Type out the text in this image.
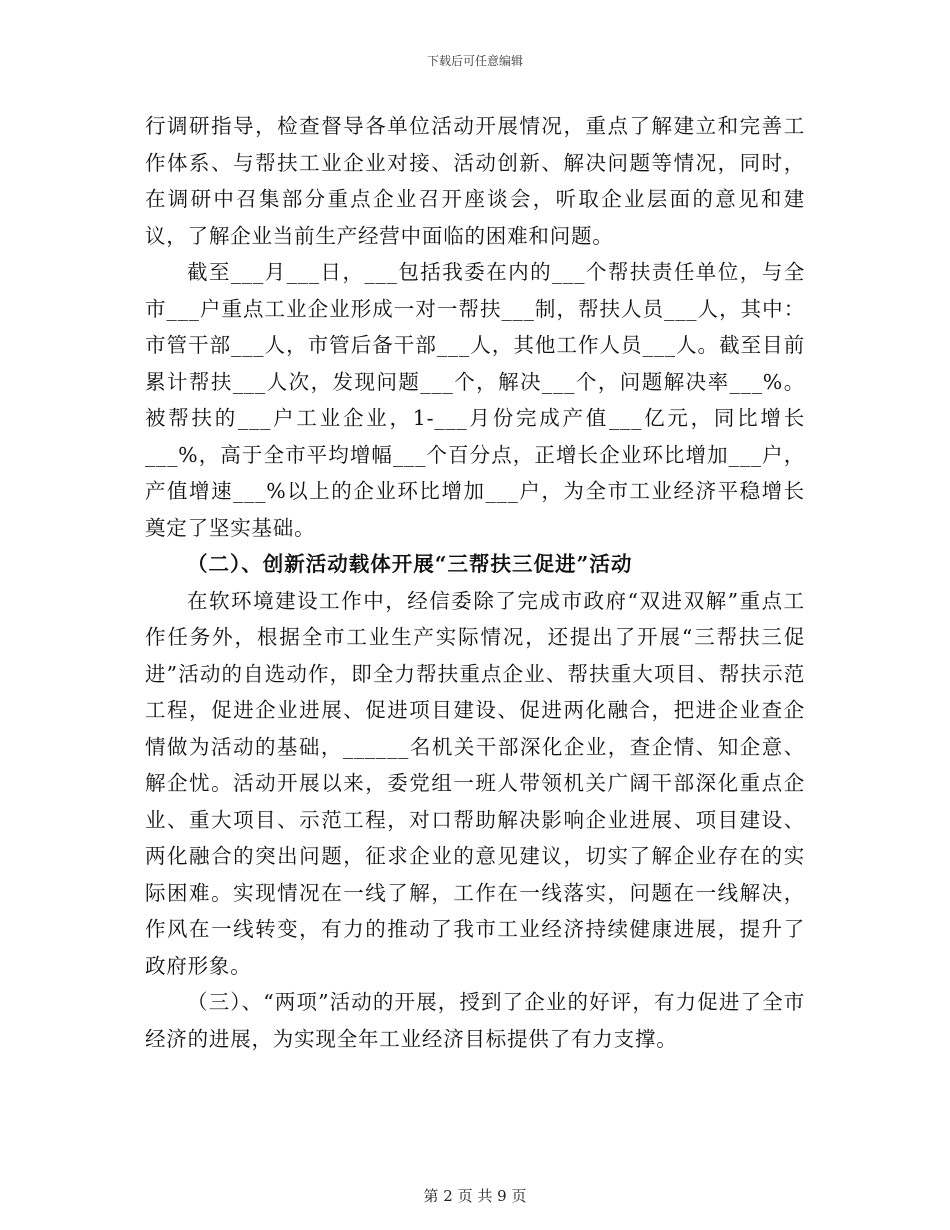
下载后可任意编辑

行调研指导，检查督导各单位活动开展情况，重点了解建立和完善工作体系、与帮扶工业企业对接、活动创新、解决问题等情况，同时，在调研中召集部分重点企业召开座谈会，听取企业层面的意见和建议，了解企业当前生产经营中面临的困难和问题。

截至___月___日，___包括我委在内的___个帮扶责任单位，与全市___户重点工业企业形成一对一帮扶___制，帮扶人员___人，其中：市管干部___人，市管后备干部___人，其他工作人员___人。截至目前累计帮扶___人次，发现问题___个，解决___个，问题解决率___%。被帮扶的___户工业企业，1-___月份完成产值___亿元，同比增长___%，高于全市平均增幅___个百分点，正增长企业环比增加___户，产值增速___%以上的企业环比增加___户，为全市工业经济平稳增长奠定了坚实基础。

（二）、创新活动载体开展“三帮扶三促进”活动

在软环境建设工作中，经信委除了完成市政府“双进双解”重点工作任务外，根据全市工业生产实际情况，还提出了开展“三帮扶三促进”活动的自选动作，即全力帮扶重点企业、帮扶重大项目、帮扶示范工程，促进企业进展、促进项目建设、促进两化融合，把进企业查企情做为活动的基础，______名机关干部深化企业，查企情、知企意、解企忧。活动开展以来，委党组一班人带领机关广阔干部深化重点企业、重大项目、示范工程，对口帮助解决影响企业进展、项目建设、两化融合的突出问题，征求企业的意见建议，切实了解企业存在的实际困难。实现情况在一线了解，工作在一线落实，问题在一线解决，作风在一线转变，有力的推动了我市工业经济持续健康进展，提升了政府形象。

（三）、“两项”活动的开展，授到了企业的好评，有力促进了全市经济的进展，为实现全年工业经济目标提供了有力支撑。

第 2 页 共 9 页
